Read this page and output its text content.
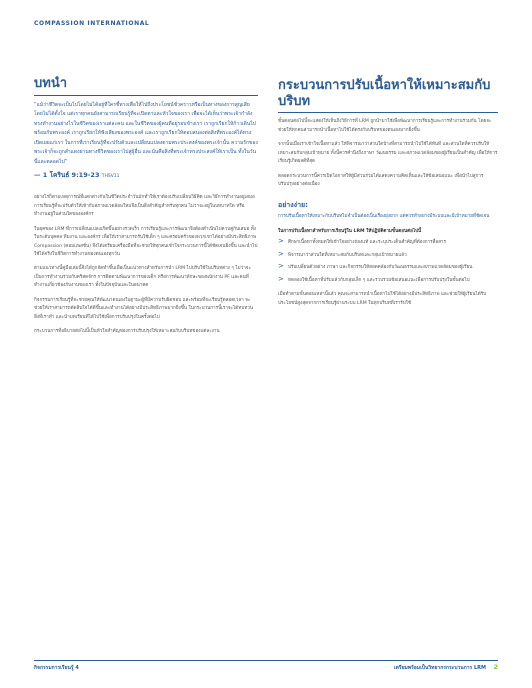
COMPASSION INTERNATIONAL
บทนำ

“แม้ว่าชีวิตจะเป็นไปโดยไม่ได้อยู่ที่ใครชี้ทางเพื่อให้ไปถึงประโยชน์ชั่วคราวหรือเป็นทางของการสูญเสียโดยไม่ได้ตั้งใจ แต่เราทุกคนยังสามารถเรียนรู้ที่จะเปิดตาและหัวใจของเรา เพื่อจะได้เห็นว่าพระเจ้ากำลังทรงทำงานอย่างไรในชีวิตของเราแต่ละคน และในชีวิตของผู้คนที่อยู่รอบข้างเรา เราถูกเรียกให้ก้าวเดินไปพร้อมกับพระองค์ เราถูกเรียกให้ฟังเสียงของพระองค์ และเราถูกเรียกให้ตอบสนองต่อสิ่งที่พระองค์ได้ทรงเปิดเผยแก่เรา ในการที่เราเรียนรู้ที่จะปรับตัวและเปลี่ยนแปลงตามพระประสงค์ของพระเจ้านั้น ความรักของพระเจ้าก็จะถูกสำแดงผ่านทางชีวิตของเราไปสู่ผู้อื่น และนั่นคือสิ่งที่พระเจ้าทรงประสงค์ให้เราเป็น ทั้งในวันนี้และตลอดไป”

— 1 โครินธ์ 9:19-23 THSV11

อย่างไรก็ตามเหตุการณ์ที่แตกต่างกันในชีวิตประจำวันมักทำให้เราต้องปรับเปลี่ยนวิธีคิด และวิธีการทำงานอยู่เสมอ การเรียนรู้ที่จะปรับตัวให้เข้ากับสภาพแวดล้อมใหม่จึงเป็นสิ่งสำคัญสำหรับทุกคน ไม่ว่าจะอยู่ในบทบาทใด หรือทำงานอยู่ในส่วนใดขององค์กร

ในยุคของ LRM ที่การเปลี่ยนแปลงเกิดขึ้นอย่างรวดเร็ว การเรียนรู้และการพัฒนาจึงต้องดำเนินไปควบคู่กันเสมอ ทั้งในระดับบุคคล ทีมงาน และองค์กร เพื่อให้เราสามารถรับใช้เด็ก ๆ และครอบครัวของพวกเขาได้อย่างมีประสิทธิภาพ Compassion (คอมแพสชั่น) จึงได้เตรียมเครื่องมือที่จะช่วยให้ทุกคนเข้าใจกระบวนการนี้ได้ชัดเจนยิ่งขึ้น และนำไปใช้ได้จริงในชีวิตการทำงานของตนเองทุกวัน

ตามแนวทางนี้คู่มือเล่มนี้จึงได้ถูกจัดทำขึ้นเพื่อเป็นแนวทางสำหรับการนำ LRM ไปปรับใช้ในบริบทต่าง ๆ ไม่ว่าจะเป็นการทำงานร่วมกับคริสตจักร การติดตามพัฒนาการของเด็ก หรือการพัฒนาทักษะของพนักงาน PF และคนที่ทำงานเกี่ยวข้องกับงานของเรา ทั้งในปัจจุบันและในอนาคต

กิจกรรมการเรียนรู้ที่จะช่วยคุณให้พัฒนาตนเองในฐานะผู้ที่มีความรับผิดชอบ และพร้อมที่จะเรียนรู้ตลอดเวลา จะช่วยให้เราสามารถตัดสินใจได้ดีขึ้นและทำงานได้อย่างมีประสิทธิภาพมากยิ่งขึ้น ในกระบวนการนี้เราจะได้ทบทวนสิ่งที่เราทำ และนำบทเรียนที่ได้ไปใช้เพื่อการปรับปรุงในครั้งต่อไป

กระบวนการที่อธิบายต่อไปนี้เป็นหัวใจสำคัญของการปรับปรุงให้เหมาะสมกับบริบทของแต่ละงาน

กระบวนการปรับเนื้อหาให้เหมาะสมกับบริบท

ขั้นตอนต่อไปนี้จะแสดงให้เห็นถึงวิธีการที่ LRM ถูกนำมาใช้เพื่อพัฒนาการเรียนรู้และการทำงานร่วมกัน โดยจะช่วยให้ทุกคนสามารถนำเนื้อหาไปใช้ได้ตรงกับบริบทของตนเองมากยิ่งขึ้น

จากนั้นเมื่อเราเข้าใจเนื้อหาแล้ว ให้พิจารณาว่าส่วนใดบ้างที่สามารถนำไปใช้ได้ทันที และส่วนใดที่ควรปรับให้เหมาะสมกับกลุ่มเป้าหมาย ทั้งนี้ควรคำนึงถึงภาษา วัฒนธรรม และสภาพแวดล้อมของผู้เรียนเป็นสำคัญ เพื่อให้การเรียนรู้เกิดผลดีที่สุด

ตลอดกระบวนการนี้ควรเปิดโอกาสให้ผู้มีส่วนร่วมได้แสดงความคิดเห็นและให้ข้อเสนอแนะ เพื่อนำไปสู่การปรับปรุงอย่างต่อเนื่อง

อย่างง่าย:

การปรับเนื้อหาให้เหมาะกับบริบทไม่จำเป็นต้องเป็นเรื่องยุ่งยาก แต่ควรทำอย่างมีระบบและมีเป้าหมายที่ชัดเจน

ในการปรับเนื้อหาสำหรับการเรียนรู้ใน LRM ให้ปฏิบัติตามขั้นตอนต่อไปนี้

> ศึกษาเนื้อหาทั้งหมดให้เข้าใจอย่างถ่องแท้ และระบุประเด็นสำคัญที่ต้องการสื่อสาร
> พิจารณาว่าส่วนใดที่เหมาะสมกับบริบทและกลุ่มเป้าหมายแล้ว
> ปรับเปลี่ยนตัวอย่าง ภาษา และกิจกรรมให้สอดคล้องกับวัฒนธรรมและสภาพแวดล้อมของผู้เรียน
> ทดลองใช้เนื้อหาที่ปรับแล้วกับกลุ่มเล็ก ๆ และรวบรวมข้อเสนอแนะเพื่อการปรับปรุงในขั้นต่อไป

เมื่อทำตามขั้นตอนเหล่านี้แล้ว คุณจะสามารถนำเนื้อหาไปใช้ได้อย่างมีประสิทธิภาพ และช่วยให้ผู้เรียนได้รับประโยชน์สูงสุดจากการเรียนรู้ผ่านระบบ LRM ในทุกบริบทที่เรารับใช้

กิจกรรมการเรียนรู้ 4	เตรียมพร้อมเป็นวิทยากรกระบวนการ LRM 2
